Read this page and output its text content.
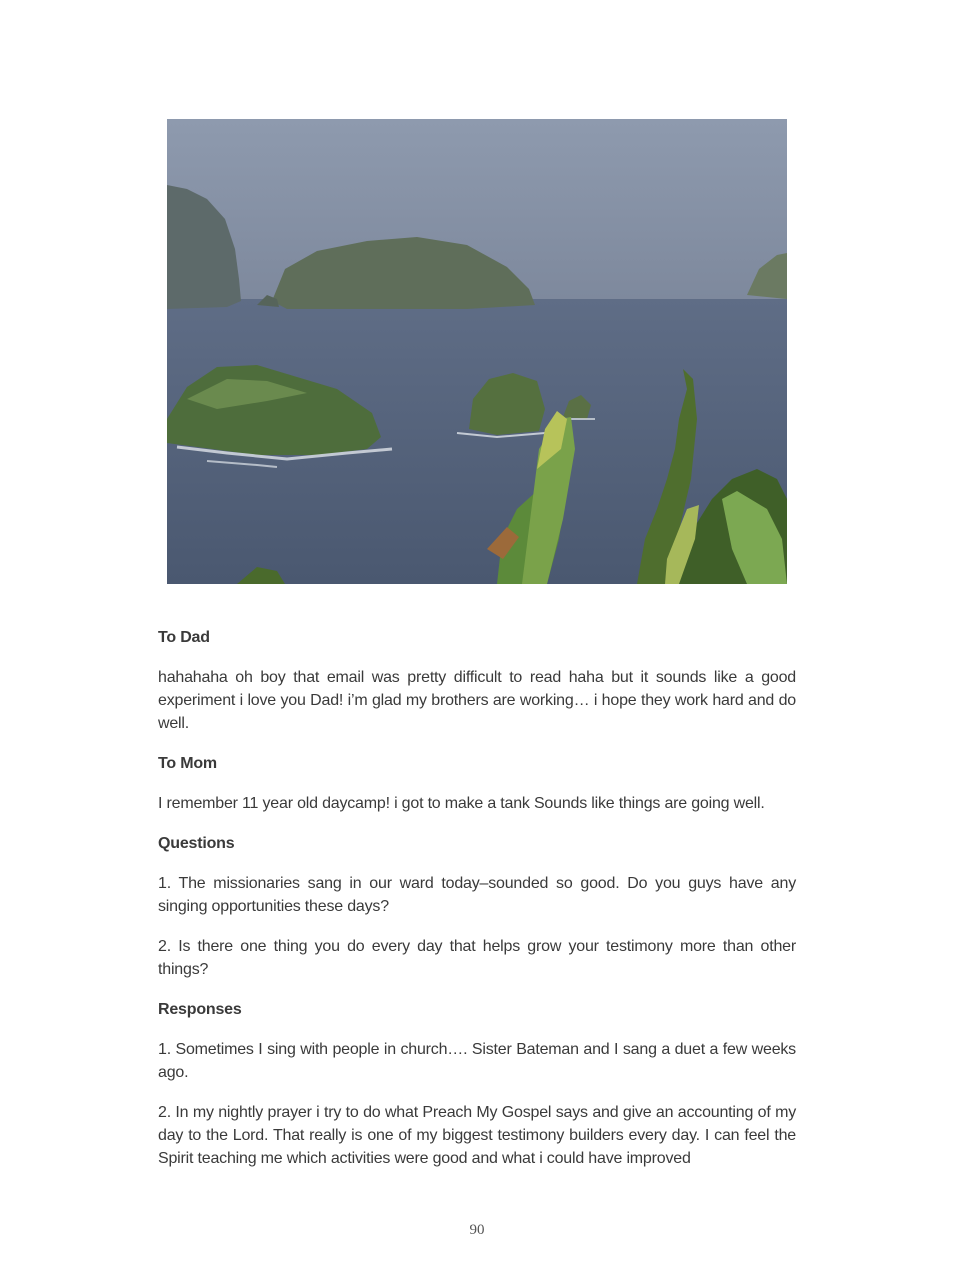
To Dad

hahahaha oh boy that email was pretty difficult to read haha but it sounds like a good experiment i love you Dad! i’m glad my brothers are working… i hope they work hard and do well.

To Mom

I remember 11 year old daycamp! i got to make a tank Sounds like things are going well.

Questions

1. The missionaries sang in our ward today–sounded so good. Do you guys have any singing opportunities these days?

2. Is there one thing you do every day that helps grow your testimony more than other things?

Responses

1. Sometimes I sing with people in church…. Sister Bateman and I sang a duet a few weeks ago.

2. In my nightly prayer i try to do what Preach My Gospel says and give an accounting of my day to the Lord. That really is one of my biggest testimony builders every day. I can feel the Spirit teaching me which activities were good and what i could have improved

90
